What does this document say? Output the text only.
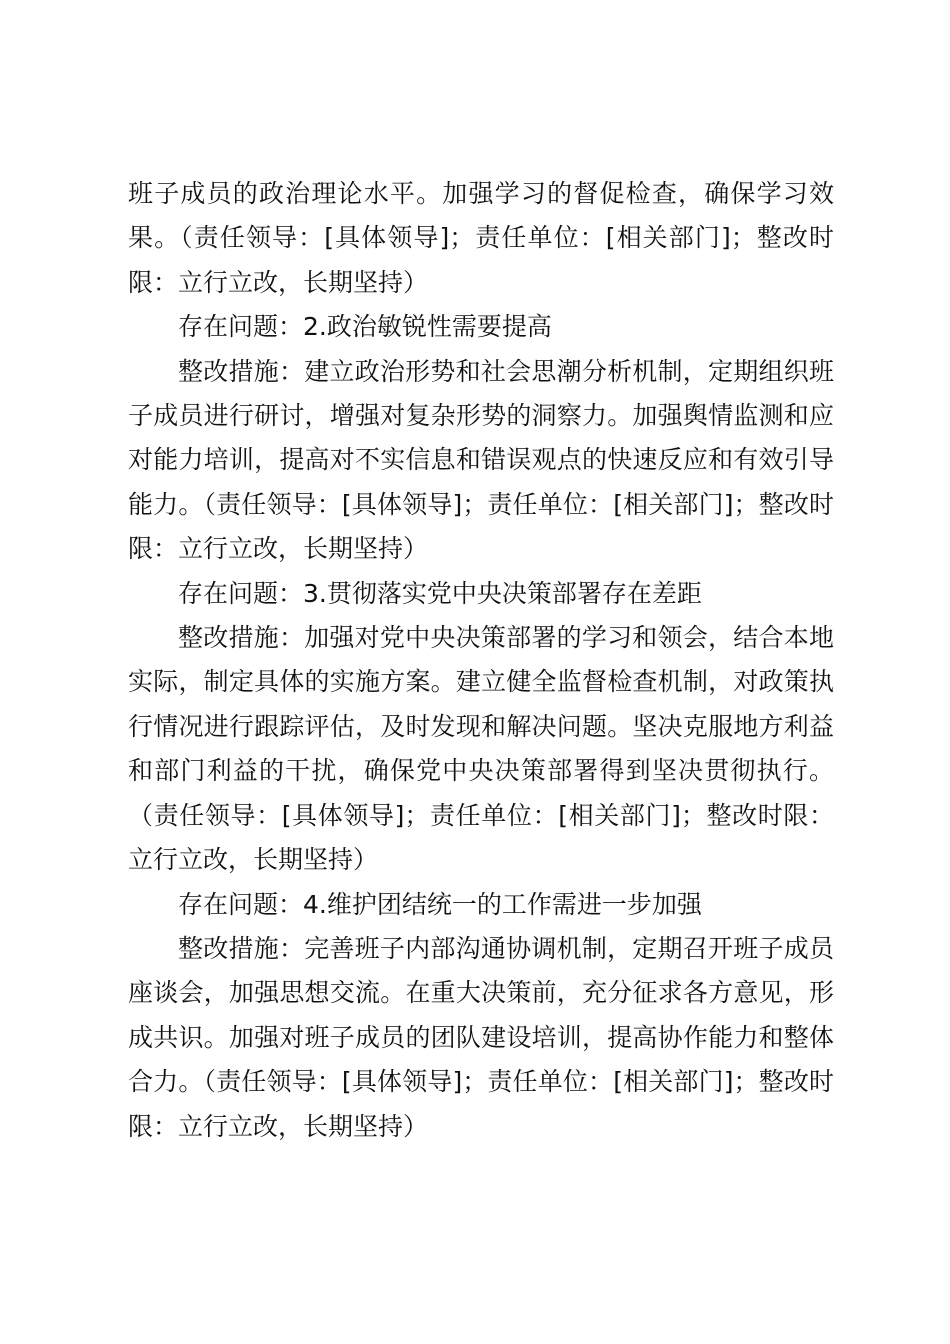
班子成员的政治理论水平。加强学习的督促检查，确保学习效果。（责任领导：[具体领导]；责任单位：[相关部门]；整改时限：立行立改，长期坚持）

存在问题：2.政治敏锐性需要提高

整改措施：建立政治形势和社会思潮分析机制，定期组织班子成员进行研讨，增强对复杂形势的洞察力。加强舆情监测和应对能力培训，提高对不实信息和错误观点的快速反应和有效引导能力。（责任领导：[具体领导]；责任单位：[相关部门]；整改时限：立行立改，长期坚持）

存在问题：3.贯彻落实党中央决策部署存在差距

整改措施：加强对党中央决策部署的学习和领会，结合本地实际，制定具体的实施方案。建立健全监督检查机制，对政策执行情况进行跟踪评估，及时发现和解决问题。坚决克服地方利益和部门利益的干扰，确保党中央决策部署得到坚决贯彻执行。（责任领导：[具体领导]；责任单位：[相关部门]；整改时限：立行立改，长期坚持）

存在问题：4.维护团结统一的工作需进一步加强

整改措施：完善班子内部沟通协调机制，定期召开班子成员座谈会，加强思想交流。在重大决策前，充分征求各方意见，形成共识。加强对班子成员的团队建设培训，提高协作能力和整体合力。（责任领导：[具体领导]；责任单位：[相关部门]；整改时限：立行立改，长期坚持）
